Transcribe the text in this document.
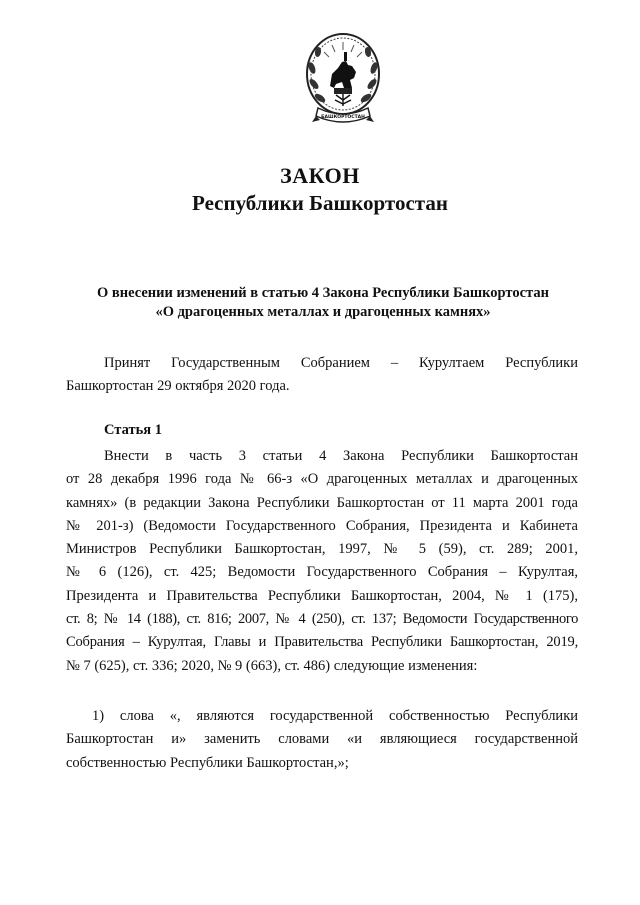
БАШКОРТОСТАН
ЗАКОН
Республики Башкортостан
О внесении изменений в статью 4 Закона Республики Башкортостан
«О драгоценных металлах и драгоценных камнях»
Принят Государственным Собранием – Курултаем Республики
Башкортостан 29 октября 2020 года.
Статья 1
Внести в часть 3 статьи 4 Закона Республики Башкортостан
от 28 декабря 1996 года № 66-з «О драгоценных металлах и драгоценных
камнях» (в редакции Закона Республики Башкортостан от 11 марта 2001 года
№ 201-з) (Ведомости Государственного Собрания, Президента и Кабинета
Министров Республики Башкортостан, 1997, № 5 (59), ст. 289; 2001,
№ 6 (126), ст. 425; Ведомости Государственного Собрания – Курултая,
Президента и Правительства Республики Башкортостан, 2004, № 1 (175),
ст. 8; № 14 (188), ст. 816; 2007, № 4 (250), ст. 137; Ведомости Государственного
Собрания – Курултая, Главы и Правительства Республики Башкортостан, 2019,
№ 7 (625), ст. 336; 2020, № 9 (663), ст. 486) следующие изменения:
1) слова «, являются государственной собственностью Республики
Башкортостан и» заменить словами «и являющиеся государственной
собственностью Республики Башкортостан,»;
